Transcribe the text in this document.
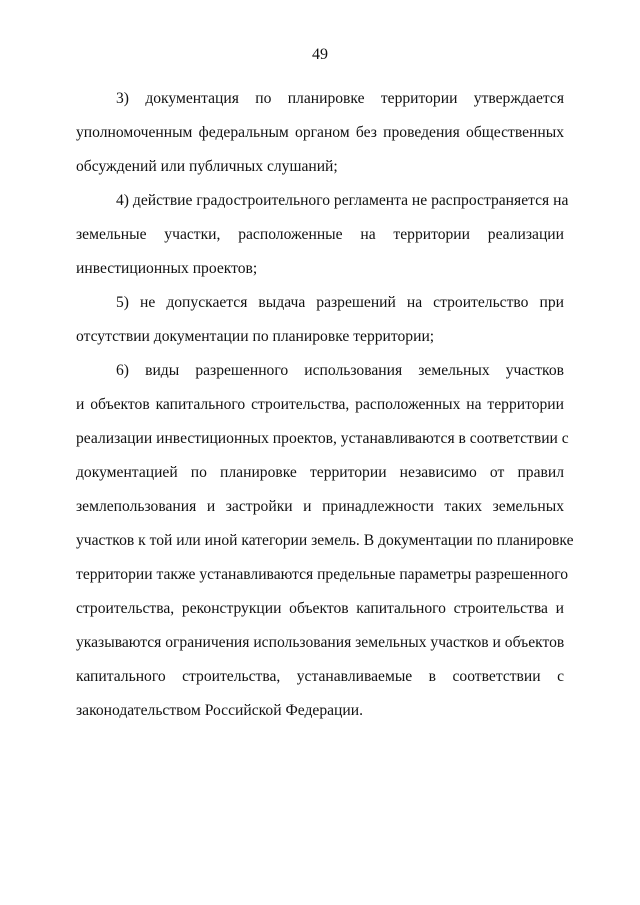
49
3) документация по планировке территории утверждается
уполномоченным федеральным органом без проведения общественных
обсуждений или публичных слушаний;
4) действие градостроительного регламента не распространяется на
земельные участки, расположенные на территории реализации
инвестиционных проектов;
5) не допускается выдача разрешений на строительство при
отсутствии документации по планировке территории;
6) виды разрешенного использования земельных участков
и объектов капитального строительства, расположенных на территории
реализации инвестиционных проектов, устанавливаются в соответствии с
документацией по планировке территории независимо от правил
землепользования и застройки и принадлежности таких земельных
участков к той или иной категории земель. В документации по планировке
территории также устанавливаются предельные параметры разрешенного
строительства, реконструкции объектов капитального строительства и
указываются ограничения использования земельных участков и объектов
капитального строительства, устанавливаемые в соответствии с
законодательством Российской Федерации.
